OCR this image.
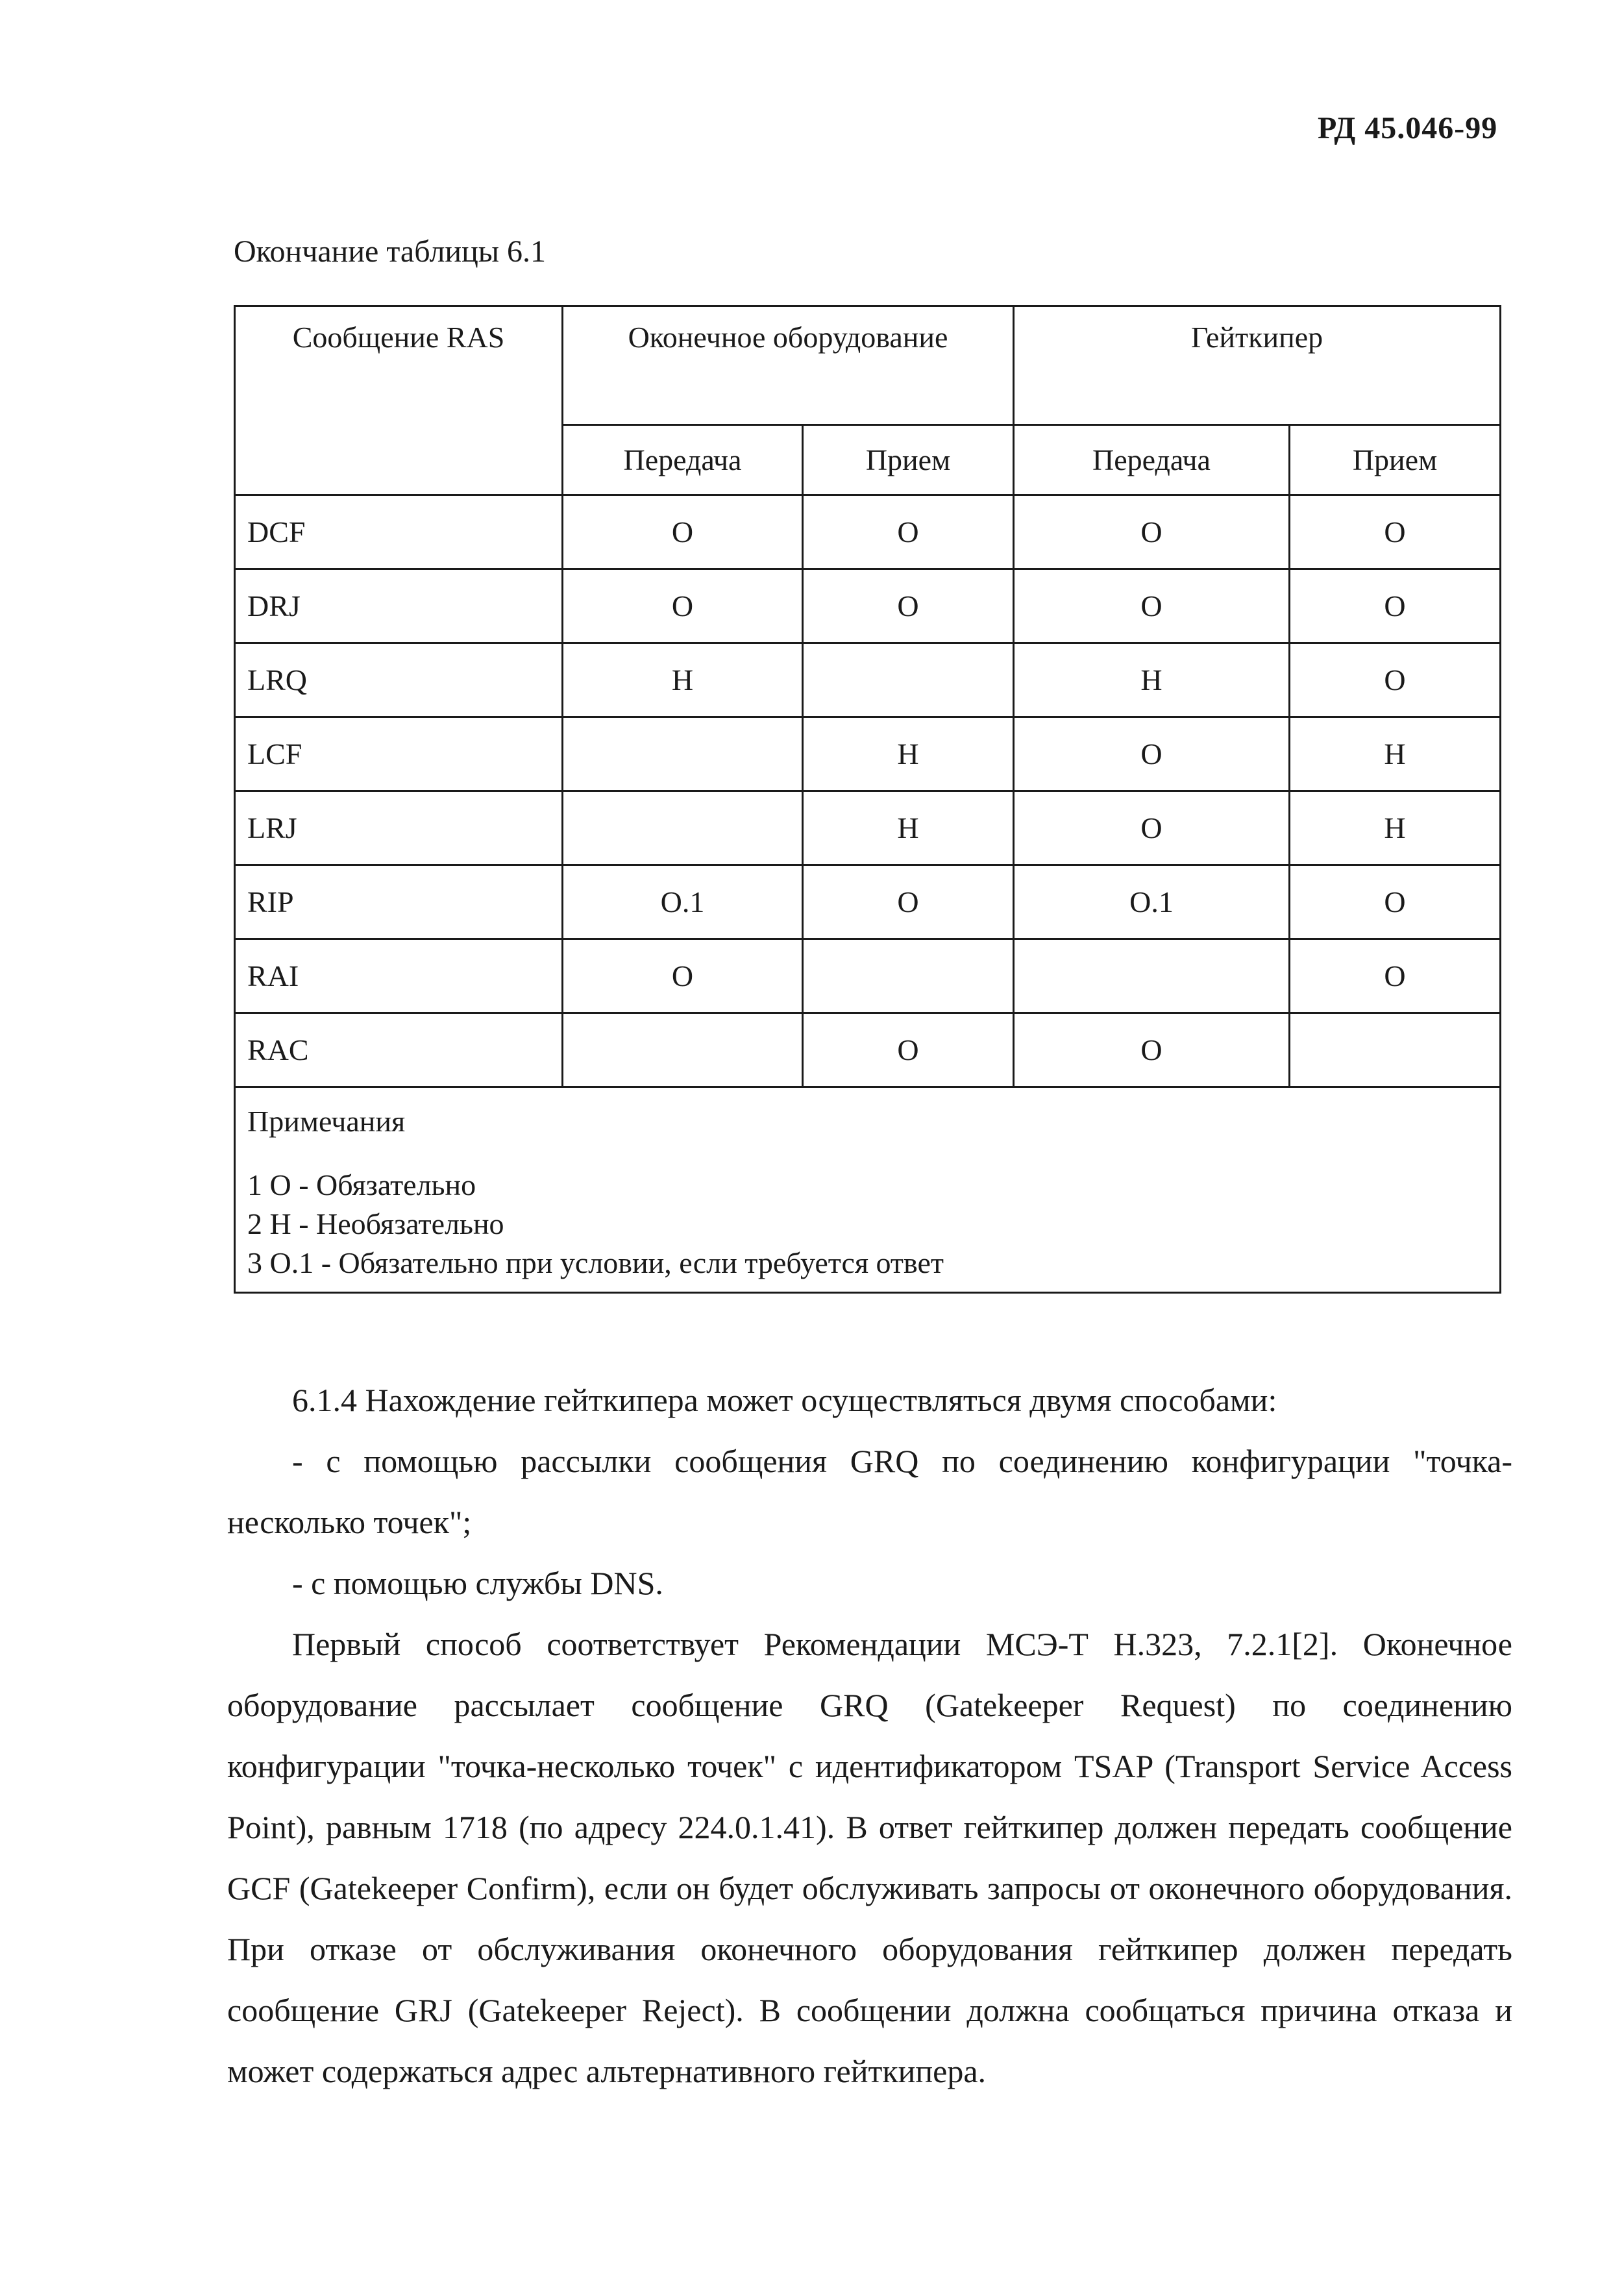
РД 45.046-99
Окончание таблицы 6.1
Сообщение RAS	Оконечное оборудование		Гейткипер	
	Передача	Прием	Передача	Прием
DCF	O	O	O	O
DRJ	O	O	O	O
LRQ	H		H	O
LCF		H	O	H
LRJ		H	O	H
RIP	O.1	O	O.1	O
RAI	O			O
RAC		O	O	

Примечания
1 O - Обязательно
2 H - Необязательно
3 O.1 - Обязательно при условии, если требуется ответ				

6.1.4 Нахождение гейткипера может осуществляться двумя способами:

- с помощью рассылки сообщения GRQ по соединению конфигурации "точка-несколько точек";

- с помощью службы DNS.

Первый способ соответствует Рекомендации МСЭ-Т H.323, 7.2.1[2]. Оконечное оборудование рассылает сообщение GRQ (Gatekeeper Request) по соединению конфигурации "точка-несколько точек" с идентификатором TSAP (Transport Service Access Point), равным 1718 (по адресу 224.0.1.41). В ответ гейткипер должен передать сообщение GCF (Gatekeeper Confirm), если он будет обслуживать запросы от оконечного оборудования. При отказе от обслуживания оконечного оборудования гейткипер должен передать сообщение GRJ (Gatekeeper Reject). В сообщении должна сообщаться причина отказа и может содержаться адрес альтернативного гейткипера.
